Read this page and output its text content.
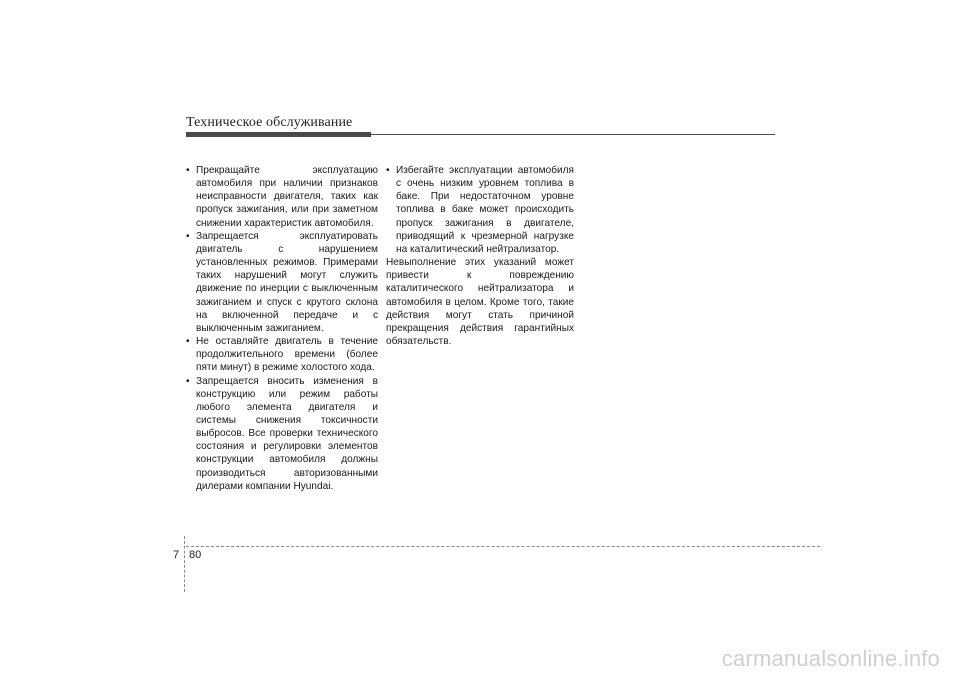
Техническое обслуживание

• Прекращайте эксплуатацию автомобиля при наличии признаков неисправности двигателя, таких как пропуск зажигания, или при заметном снижении характеристик автомобиля.

• Запрещается эксплуатировать двигатель с нарушением установленных режимов. Примерами таких нарушений могут служить движение по инерции с выключенным зажиганием и спуск с крутого склона на включенной передаче и с выключенным зажиганием.

• Не оставляйте двигатель в течение продолжительного времени (более пяти минут) в режиме холостого хода.

• Запрещается вносить изменения в конструкцию или режим работы любого элемента двигателя и системы снижения токсичности выбросов. Все проверки технического состояния и регулировки элементов конструкции автомобиля должны производиться авторизованными дилерами компании Hyundai.

• Избегайте эксплуатации автомобиля с очень низким уровнем топлива в баке. При недостаточном уровне топлива в баке может происходить пропуск зажигания в двигателе, приводящий к чрезмерной нагрузке на каталитический нейтрализатор.

Невыполнение этих указаний может привести к повреждению каталитического нейтрализатора и автомобиля в целом. Кроме того, такие действия могут стать причиной прекращения действия гарантийных обязательств.

7 80
carmanualsonline.info
